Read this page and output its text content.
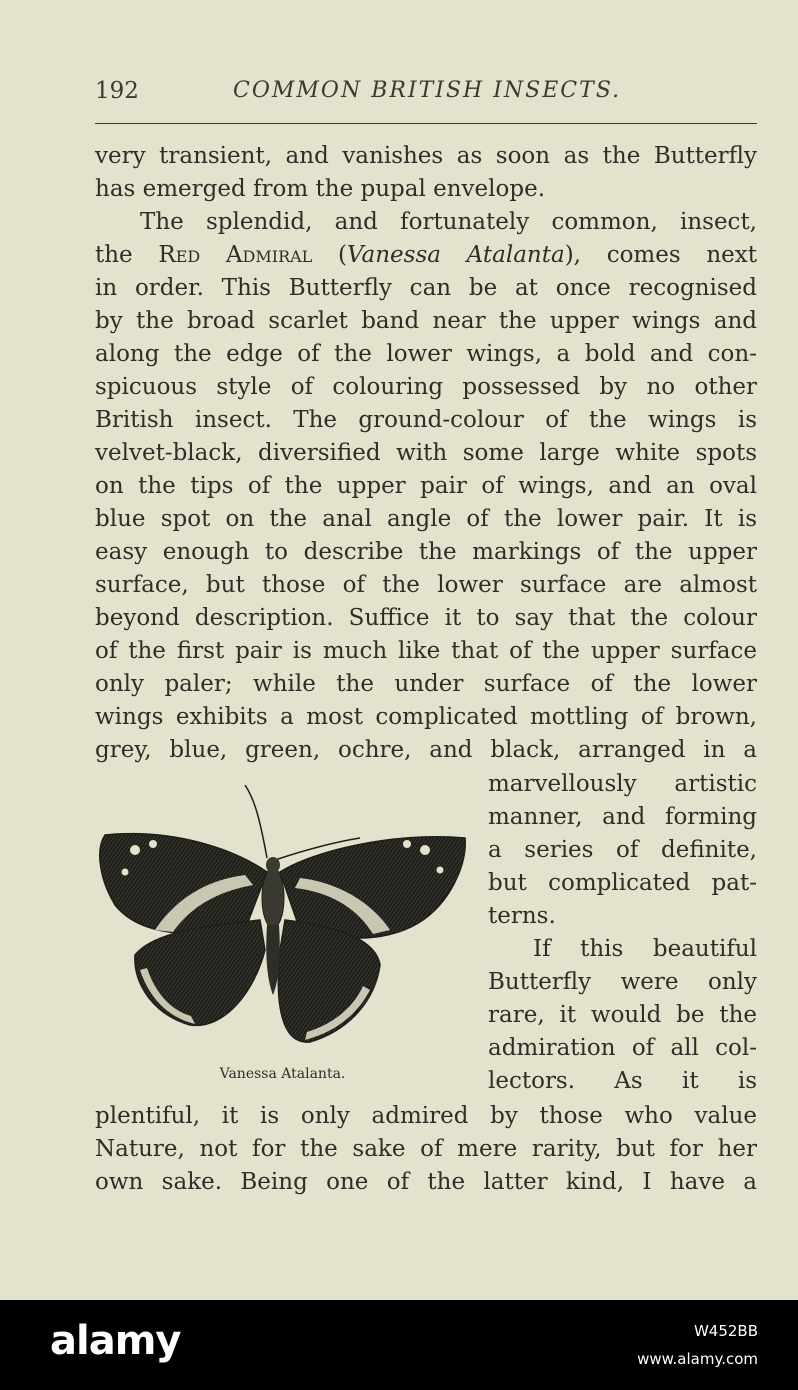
192	COMMON BRITISH INSECTS.
very transient, and vanishes as soon as the Butterfly
has emerged from the pupal envelope.
The splendid, and fortunately common, insect,
the Red Admiral (Vanessa Atalanta), comes next
in order. This Butterfly can be at once recognised
by the broad scarlet band near the upper wings and
along the edge of the lower wings, a bold and con-
spicuous style of colouring possessed by no other
British insect. The ground-colour of the wings is
velvet-black, diversified with some large white spots
on the tips of the upper pair of wings, and an oval
blue spot on the anal angle of the lower pair. It is
easy enough to describe the markings of the upper
surface, but those of the lower surface are almost
beyond description. Suffice it to say that the colour
of the first pair is much like that of the upper surface
only paler; while the under surface of the lower
wings exhibits a most complicated mottling of brown,
grey, blue, green, ochre, and black, arranged in a
marvellously artistic
manner, and forming
a series of definite,
but complicated pat-
terns.
If this beautiful
Butterfly were only
rare, it would be the
admiration of all col-
lectors. As it is
plentiful, it is only admired by those who value
Nature, not for the sake of mere rarity, but for her
own sake. Being one of the latter kind, I have a
Vanessa Atalanta.
alamy	W452BB
www.alamy.com
